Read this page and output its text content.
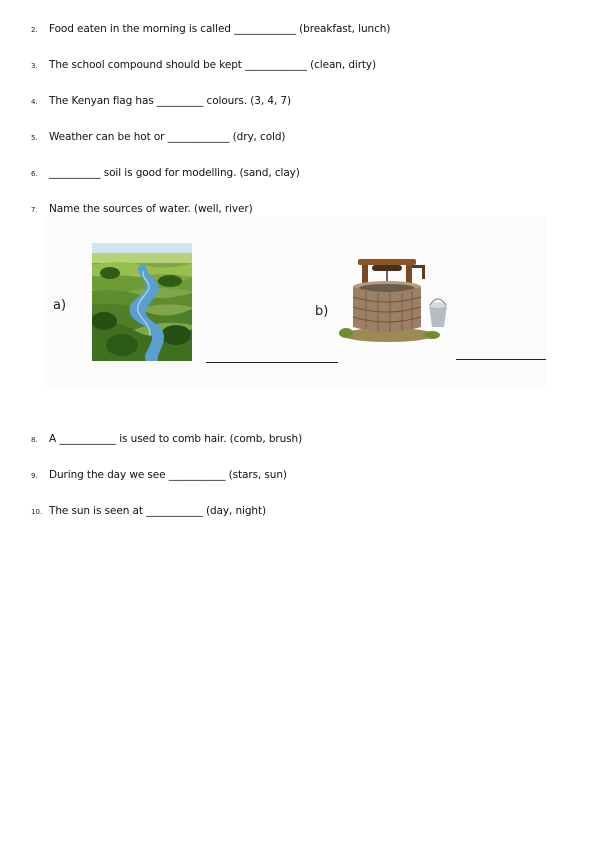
2. Food eaten in the morning is called ____________ (breakfast, lunch)
3. The school compound should be kept ____________ (clean, dirty)
4. The Kenyan flag has _________ colours. (3, 4, 7)
5. Weather can be hot or ____________ (dry, cold)
6. __________ soil is good for modelling. (sand, clay)
7. Name the sources of water. (well, river)
a)	b)
8. A ___________ is used to comb hair. (comb, brush)
9. During the day we see ___________ (stars, sun)
10. The sun is seen at ___________ (day, night)
